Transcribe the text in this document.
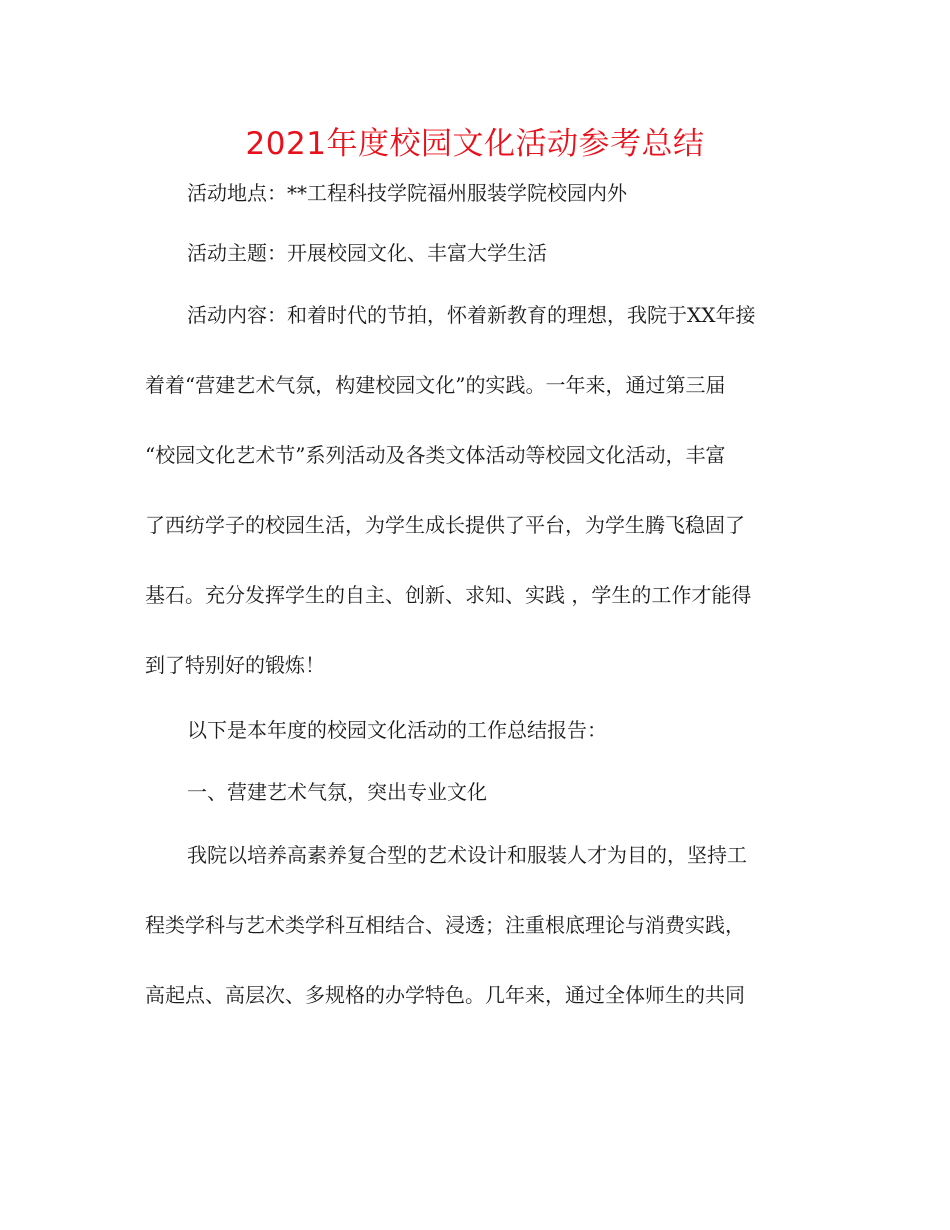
2021年度校园文化活动参考总结
活动地点：**工程科技学院福州服装学院校园内外
活动主题：开展校园文化、丰富大学生活
活动内容：和着时代的节拍，怀着新教育的理想，我院于XX年接
着着“营建艺术气氛，构建校园文化”的实践。一年来，通过第三届
“校园文化艺术节”系列活动及各类文体活动等校园文化活动，丰富
了西纺学子的校园生活，为学生成长提供了平台，为学生腾飞稳固了
基石。充分发挥学生的自主、创新、求知、实践 ，学生的工作才能得
到了特别好的锻炼！
以下是本年度的校园文化活动的工作总结报告：
一、营建艺术气氛，突出专业文化
我院以培养高素养复合型的艺术设计和服装人才为目的，坚持工
程类学科与艺术类学科互相结合、浸透；注重根底理论与消费实践，
高起点、高层次、多规格的办学特色。几年来，通过全体师生的共同
